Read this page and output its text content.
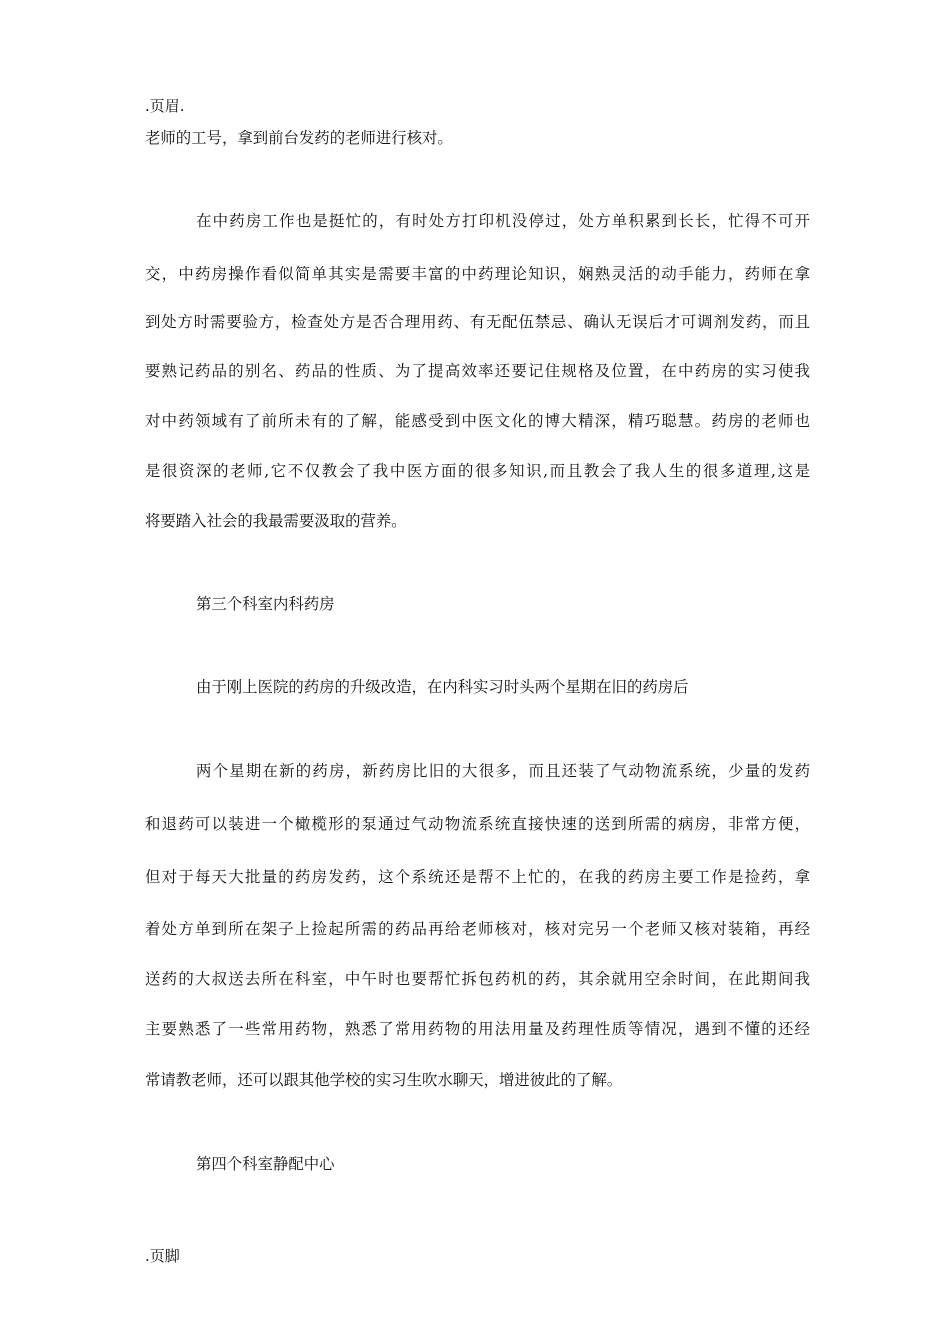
.页眉.
老师的工号，拿到前台发药的老师进行核对。
在中药房工作也是挺忙的，有时处方打印机没停过，处方单积累到长长，忙得不可开
交，中药房操作看似简单其实是需要丰富的中药理论知识，娴熟灵活的动手能力，药师在拿
到处方时需要验方，检查处方是否合理用药、有无配伍禁忌、确认无误后才可调剂发药，而且
要熟记药品的别名、药品的性质、为了提高效率还要记住规格及位置，在中药房的实习使我
对中药领域有了前所未有的了解，能感受到中医文化的博大精深，精巧聪慧。药房的老师也
是很资深的老师,它不仅教会了我中医方面的很多知识,而且教会了我人生的很多道理,这是
将要踏入社会的我最需要汲取的营养。
第三个科室内科药房
由于刚上医院的药房的升级改造，在内科实习时头两个星期在旧的药房后
两个星期在新的药房，新药房比旧的大很多，而且还装了气动物流系统，少量的发药
和退药可以装进一个橄榄形的泵通过气动物流系统直接快速的送到所需的病房，非常方便，
但对于每天大批量的药房发药，这个系统还是帮不上忙的，在我的药房主要工作是捡药，拿
着处方单到所在架子上捡起所需的药品再给老师核对，核对完另一个老师又核对装箱，再经
送药的大叔送去所在科室，中午时也要帮忙拆包药机的药，其余就用空余时间，在此期间我
主要熟悉了一些常用药物，熟悉了常用药物的用法用量及药理性质等情况，遇到不懂的还经
常请教老师，还可以跟其他学校的实习生吹水聊天，增进彼此的了解。
第四个科室静配中心
.页脚
